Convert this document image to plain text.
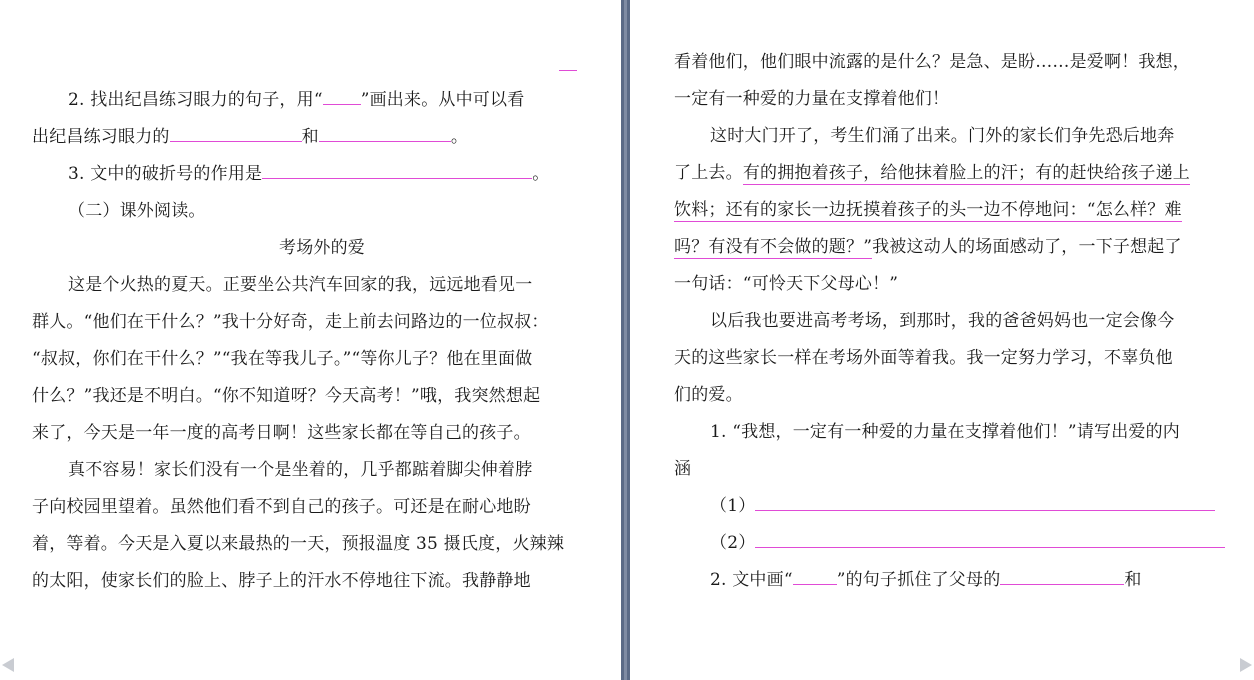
2. 找出纪昌练习眼力的句子，用“ ”画出来。从中可以看
出纪昌练习眼力的	和	。
3. 文中的破折号的作用是	。
（二）课外阅读。
考场外的爱
这是个火热的夏天。正要坐公共汽车回家的我，远远地看见一
群人。“他们在干什么？”我十分好奇，走上前去问路边的一位叔叔：
“叔叔，你们在干什么？”“我在等我儿子。”“等你儿子？他在里面做
什么？”我还是不明白。“你不知道呀？今天高考！”哦，我突然想起
来了，今天是一年一度的高考日啊！这些家长都在等自己的孩子。
真不容易！家长们没有一个是坐着的，几乎都踮着脚尖伸着脖
子向校园里望着。虽然他们看不到自己的孩子。可还是在耐心地盼
着，等着。今天是入夏以来最热的一天，预报温度 35 摄氏度，火辣辣
的太阳，使家长们的脸上、脖子上的汗水不停地往下流。我静静地
看着他们，他们眼中流露的是什么？是急、是盼……是爱啊！我想，
一定有一种爱的力量在支撑着他们！
这时大门开了，考生们涌了出来。门外的家长们争先恐后地奔
了上去。有的拥抱着孩子，给他抹着脸上的汗；有的赶快给孩子递上
饮料；还有的家长一边抚摸着孩子的头一边不停地问：“怎么样？难
吗？有没有不会做的题？”我被这动人的场面感动了，一下子想起了
一句话：“可怜天下父母心！”
以后我也要进高考考场，到那时，我的爸爸妈妈也一定会像今
天的这些家长一样在考场外面等着我。我一定努力学习，不辜负他
们的爱。
1. “我想，一定有一种爱的力量在支撑着他们！”请写出爱的内
涵
（1）
（2）
2. 文中画“	”的句子抓住了父母的	和
